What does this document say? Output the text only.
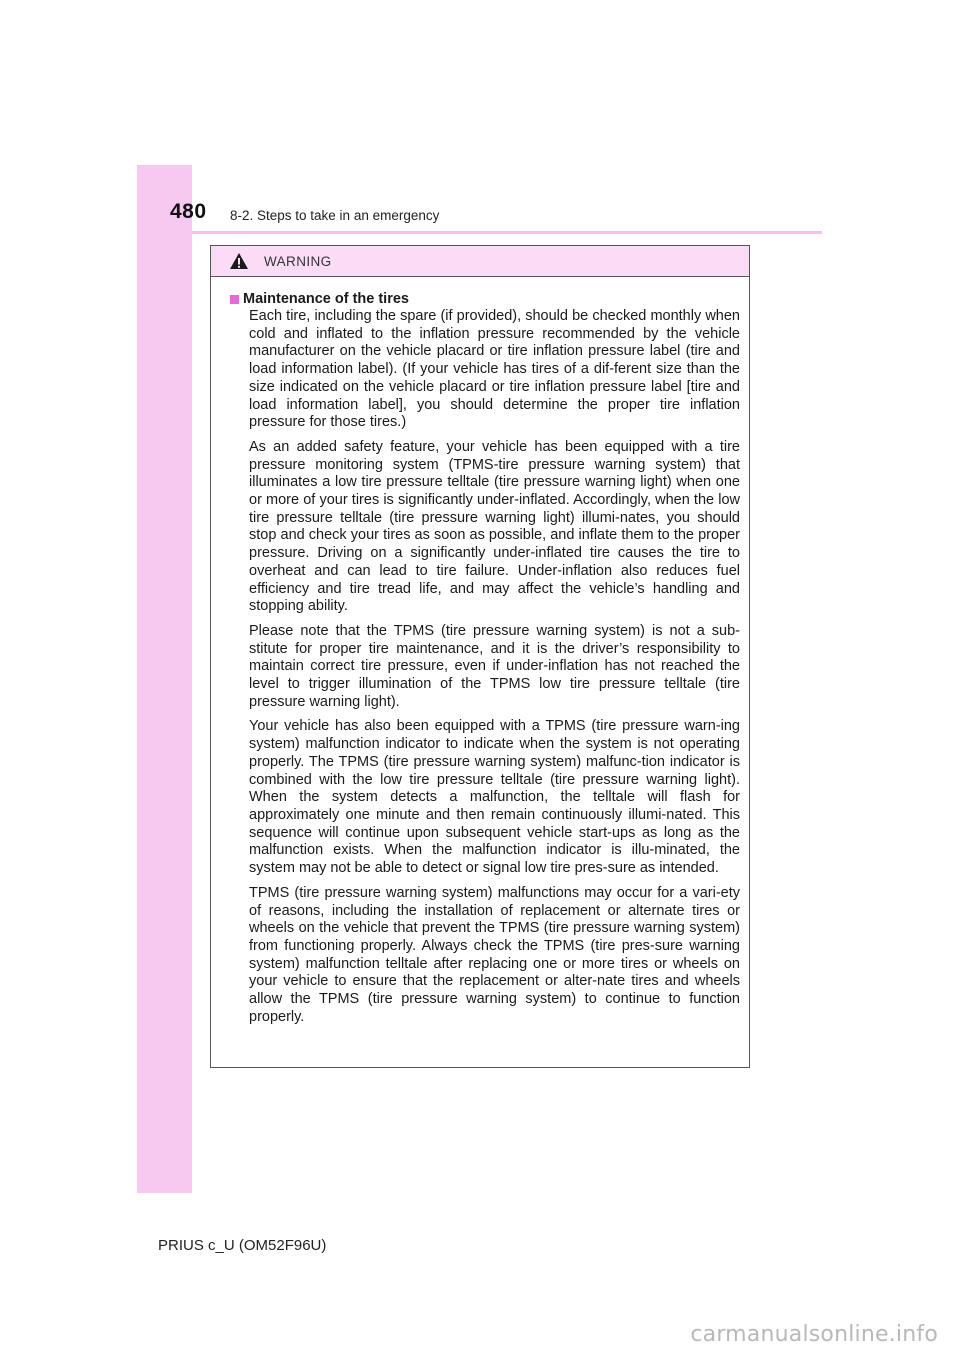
480 8-2. Steps to take in an emergency
WARNING
Maintenance of the tires

Each tire, including the spare (if provided), should be checked monthly when cold and inflated to the inflation pressure recommended by the vehicle manufacturer on the vehicle placard or tire inflation pressure label (tire and load information label). (If your vehicle has tires of a dif-ferent size than the size indicated on the vehicle placard or tire inflation pressure label [tire and load information label], you should determine the proper tire inflation pressure for those tires.)

As an added safety feature, your vehicle has been equipped with a tire pressure monitoring system (TPMS-tire pressure warning system) that illuminates a low tire pressure telltale (tire pressure warning light) when one or more of your tires is significantly under-inflated. Accordingly, when the low tire pressure telltale (tire pressure warning light) illumi-nates, you should stop and check your tires as soon as possible, and inflate them to the proper pressure. Driving on a significantly under-inflated tire causes the tire to overheat and can lead to tire failure. Under-inflation also reduces fuel efficiency and tire tread life, and may affect the vehicle’s handling and stopping ability.

Please note that the TPMS (tire pressure warning system) is not a sub-stitute for proper tire maintenance, and it is the driver’s responsibility to maintain correct tire pressure, even if under-inflation has not reached the level to trigger illumination of the TPMS low tire pressure telltale (tire pressure warning light).

Your vehicle has also been equipped with a TPMS (tire pressure warn-ing system) malfunction indicator to indicate when the system is not operating properly. The TPMS (tire pressure warning system) malfunc-tion indicator is combined with the low tire pressure telltale (tire pressure warning light). When the system detects a malfunction, the telltale will flash for approximately one minute and then remain continuously illumi-nated. This sequence will continue upon subsequent vehicle start-ups as long as the malfunction exists. When the malfunction indicator is illu-minated, the system may not be able to detect or signal low tire pres-sure as intended.

TPMS (tire pressure warning system) malfunctions may occur for a vari-ety of reasons, including the installation of replacement or alternate tires or wheels on the vehicle that prevent the TPMS (tire pressure warning system) from functioning properly. Always check the TPMS (tire pres-sure warning system) malfunction telltale after replacing one or more tires or wheels on your vehicle to ensure that the replacement or alter-nate tires and wheels allow the TPMS (tire pressure warning system) to continue to function properly.

PRIUS c_U (OM52F96U)
carmanualsonline.info
